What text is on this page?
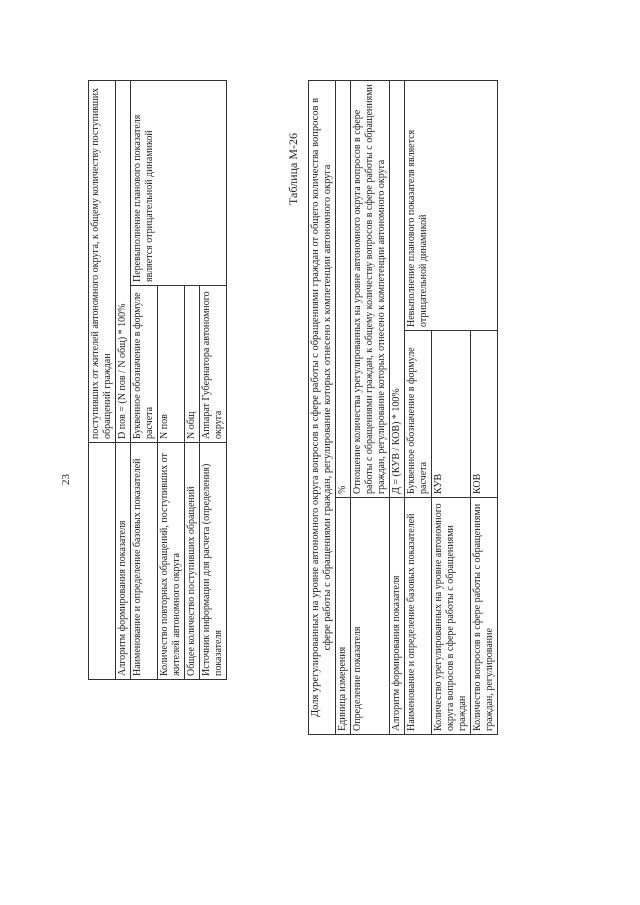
23
	поступивших от жителей автономного округа, к общему количеству поступивших обращений граждан	
Алгоритм формирования показателя	D пов = (N пов / N общ) * 100%	
Наименование и определение базовых показателей	Буквенное обозначение в формуле расчета	Перевыполнение планового показателя является отрицательной динамикой
Количество повторных обращений, поступивших от жителей автономного округа	N пов	
Общее количество поступивших обращений	N общ	
Источник информации для расчета (определения) показателя	Аппарат Губернатора автономного округа	
Таблица М-26 Доля урегулированных на уровне автономного округа вопросов в сфере работы с обращениями граждан от общего количества вопросов в сфере работы с обращениями граждан, регулирование которых отнесено к компетенции автономного округа		
Единица измерения	%	
Определение показателя	Отношение количества урегулированных на уровне автономного округа вопросов в сфере работы с обращениями граждан, к общему количеству вопросов в сфере работы с обращениями граждан, регулирование которых отнесено к компетенции автономного округа	
Алгоритм формирования показателя	Д = (КУВ / КОВ) * 100%	
Наименование и определение базовых показателей	Буквенное обозначение в формуле расчета	Невыполнение планового показателя является отрицательной динамикой
Количество урегулированных на уровне автономного округа вопросов в сфере работы с обращениями граждан	КУВ	
Количество вопросов в сфере работы с обращениями граждан, регулирование	КОВ	
